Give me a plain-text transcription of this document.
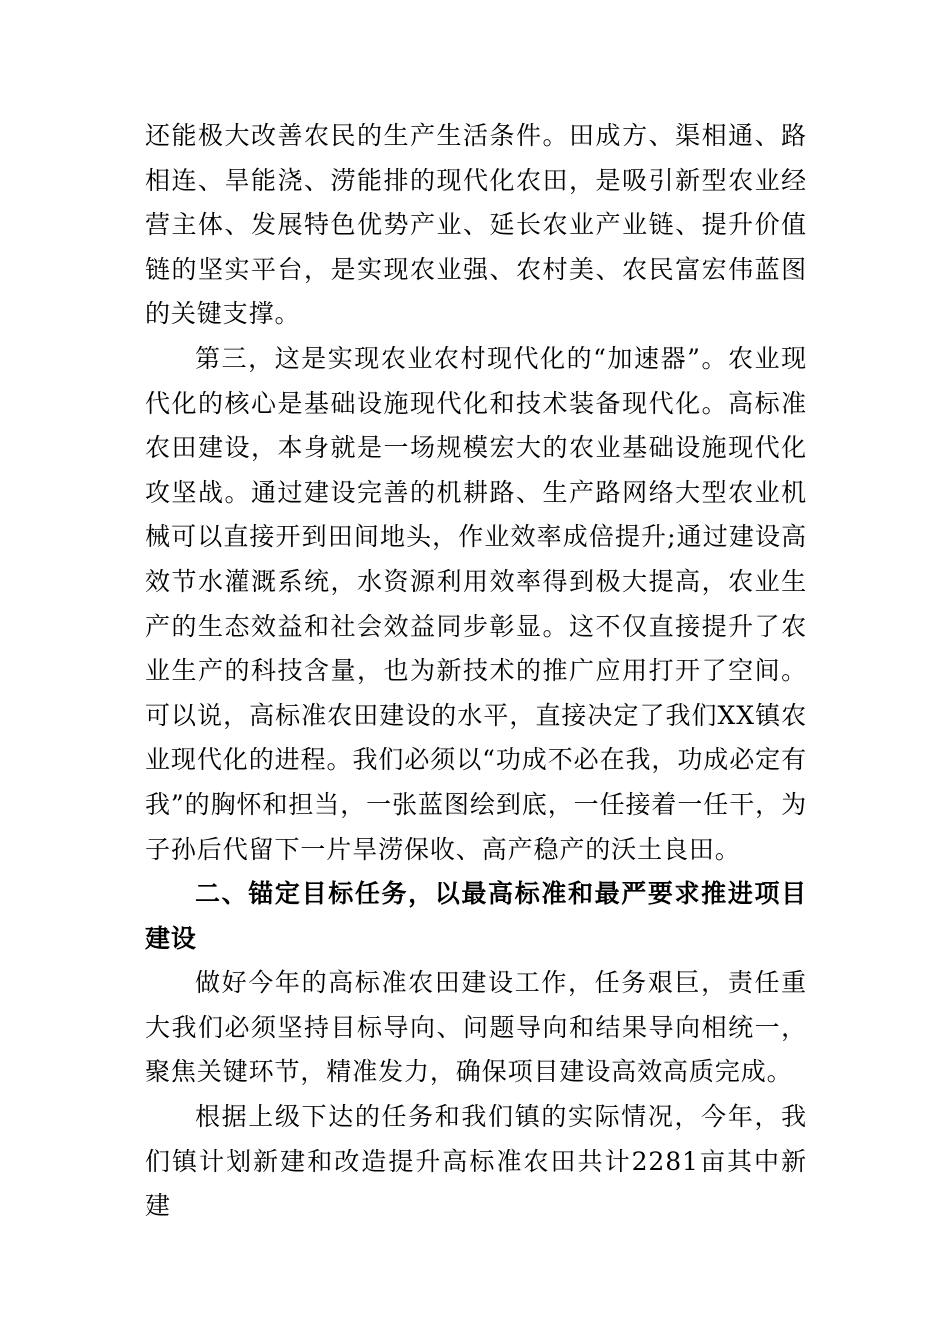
还能极大改善农民的生产生活条件。田成方、渠相通、路相连、旱能浇、涝能排的现代化农田，是吸引新型农业经营主体、发展特色优势产业、延长农业产业链、提升价值链的坚实平台，是实现农业强、农村美、农民富宏伟蓝图的关键支撑。

第三，这是实现农业农村现代化的“加速器”。农业现代化的核心是基础设施现代化和技术装备现代化。高标准农田建设，本身就是一场规模宏大的农业基础设施现代化攻坚战。通过建设完善的机耕路、生产路网络大型农业机械可以直接开到田间地头，作业效率成倍提升;通过建设高效节水灌溉系统，水资源利用效率得到极大提高，农业生产的生态效益和社会效益同步彰显。这不仅直接提升了农业生产的科技含量，也为新技术的推广应用打开了空间。可以说，高标准农田建设的水平，直接决定了我们XX镇农业现代化的进程。我们必须以“功成不必在我，功成必定有我”的胸怀和担当，一张蓝图绘到底，一任接着一任干，为子孙后代留下一片旱涝保收、高产稳产的沃土良田。

二、锚定目标任务，以最高标准和最严要求推进项目建设

做好今年的高标准农田建设工作，任务艰巨，责任重大我们必须坚持目标导向、问题导向和结果导向相统一，聚焦关键环节，精准发力，确保项目建设高效高质完成。

根据上级下达的任务和我们镇的实际情况，今年，我们镇计划新建和改造提升高标准农田共计2281亩其中新建
